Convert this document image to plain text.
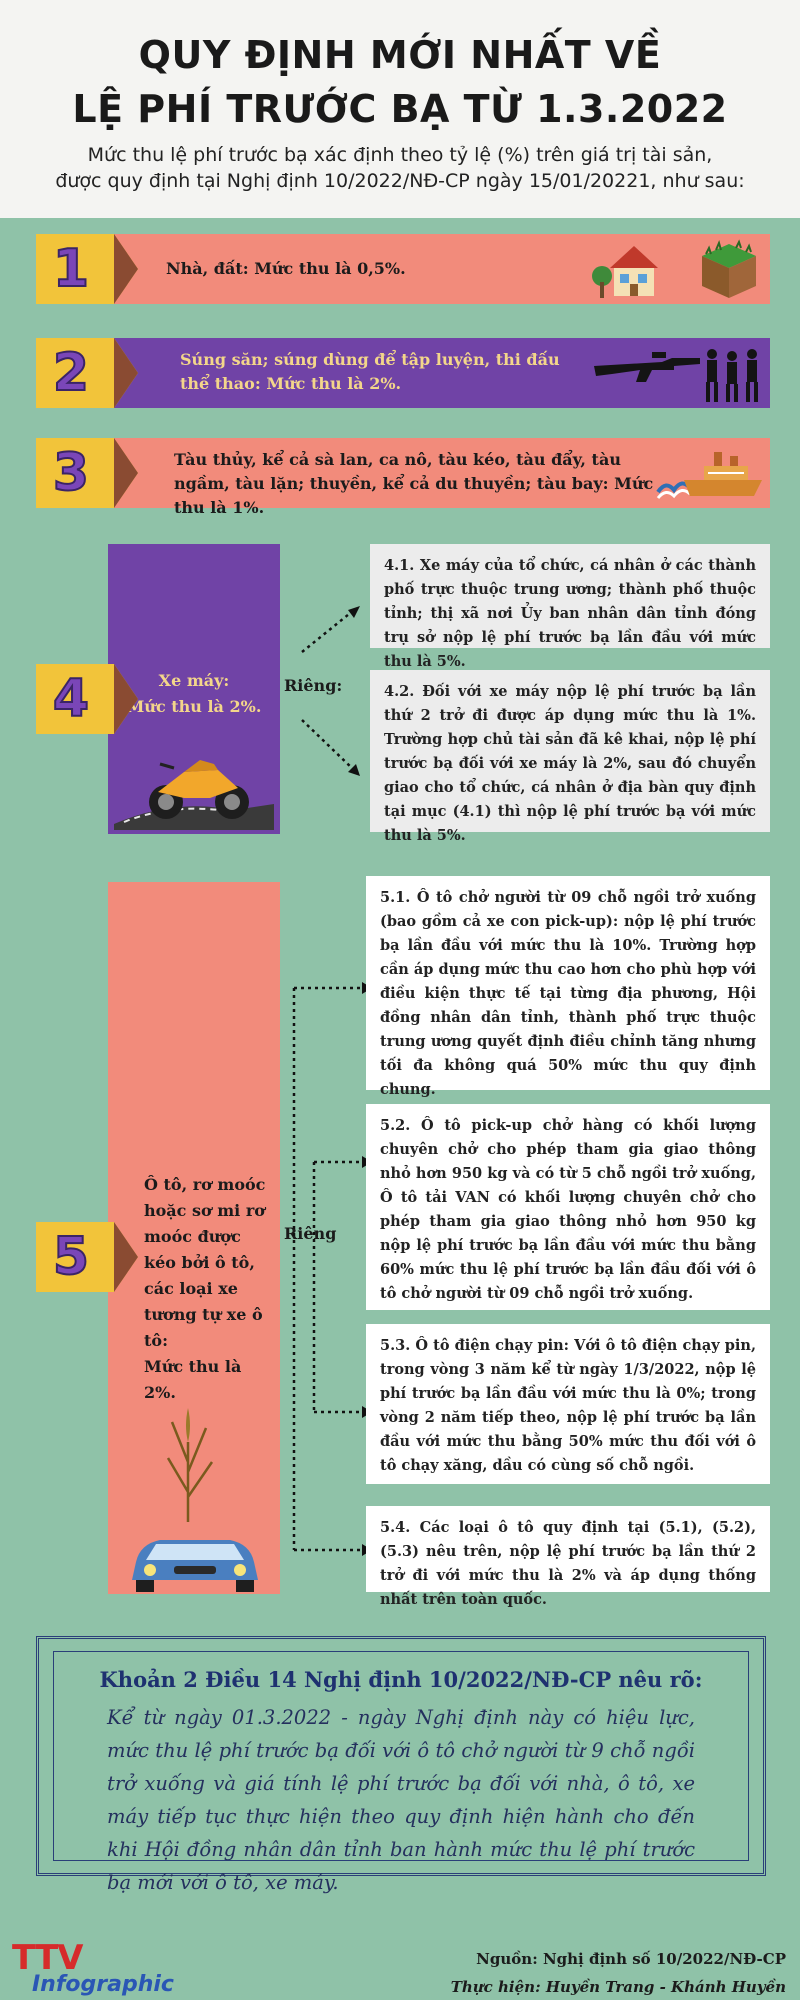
QUY ĐỊNH MỚI NHẤT VỀ
LỆ PHÍ TRƯỚC BẠ TỪ 1.3.2022
Mức thu lệ phí trước bạ xác định theo tỷ lệ (%) trên giá trị tài sản,
được quy định tại Nghị định 10/2022/NĐ-CP ngày 15/01/20221, như sau:
Nhà, đất: Mức thu là 0,5%.
1
Súng săn; súng dùng để tập luyện, thi đấu thể thao: Mức thu là 2%.
2
Tàu thủy, kể cả sà lan, ca nô, tàu kéo, tàu đẩy, tàu ngầm, tàu lặn; thuyền, kể cả du thuyền; tàu bay: Mức thu là 1%.
3
Xe máy:
Mức thu là 2%.
4	Riêng:
4.1. Xe máy của tổ chức, cá nhân ở các thành phố trực thuộc trung ương; thành phố thuộc tỉnh; thị xã nơi Ủy ban nhân dân tỉnh đóng trụ sở nộp lệ phí trước bạ lần đầu với mức thu là 5%.
4.2. Đối với xe máy nộp lệ phí trước bạ lần thứ 2 trở đi được áp dụng mức thu là 1%. Trường hợp chủ tài sản đã kê khai, nộp lệ phí trước bạ đối với xe máy là 2%, sau đó chuyển giao cho tổ chức, cá nhân ở địa bàn quy định tại mục (4.1) thì nộp lệ phí trước bạ với mức thu là 5%.
Ô tô, rơ moóc hoặc sơ mi rơ moóc được kéo bởi ô tô, các loại xe tương tự xe ô tô:
Mức thu là 2%.
5	Riêng
5.1. Ô tô chở người từ 09 chỗ ngồi trở xuống (bao gồm cả xe con pick-up): nộp lệ phí trước bạ lần đầu với mức thu là 10%. Trường hợp cần áp dụng mức thu cao hơn cho phù hợp với điều kiện thực tế tại từng địa phương, Hội đồng nhân dân tỉnh, thành phố trực thuộc trung ương quyết định điều chỉnh tăng nhưng tối đa không quá 50% mức thu quy định chung.
5.2. Ô tô pick-up chở hàng có khối lượng chuyên chở cho phép tham gia giao thông nhỏ hơn 950 kg và có từ 5 chỗ ngồi trở xuống, Ô tô tải VAN có khối lượng chuyên chở cho phép tham gia giao thông nhỏ hơn 950 kg nộp lệ phí trước bạ lần đầu với mức thu bằng 60% mức thu lệ phí trước bạ lần đầu đối với ô tô chở người từ 09 chỗ ngồi trở xuống.
5.3. Ô tô điện chạy pin: Với ô tô điện chạy pin, trong vòng 3 năm kể từ ngày 1/3/2022, nộp lệ phí trước bạ lần đầu với mức thu là 0%; trong vòng 2 năm tiếp theo, nộp lệ phí trước bạ lần đầu với mức thu bằng 50% mức thu đối với ô tô chạy xăng, dầu có cùng số chỗ ngồi.
5.4. Các loại ô tô quy định tại (5.1), (5.2), (5.3) nêu trên, nộp lệ phí trước bạ lần thứ 2 trở đi với mức thu là 2% và áp dụng thống nhất trên toàn quốc.
Khoản 2 Điều 14 Nghị định 10/2022/NĐ-CP nêu rõ:
Kể từ ngày 01.3.2022 - ngày Nghị định này có hiệu lực, mức thu lệ phí trước bạ đối với ô tô chở người từ 9 chỗ ngồi trở xuống và giá tính lệ phí trước bạ đối với nhà, ô tô, xe máy tiếp tục thực hiện theo quy định hiện hành cho đến khi Hội đồng nhân dân tỉnh ban hành mức thu lệ phí trước bạ mới với ô tô, xe máy.
TTV
Infographic
Nguồn: Nghị định số 10/2022/NĐ-CP
Thực hiện: Huyền Trang - Khánh Huyền
